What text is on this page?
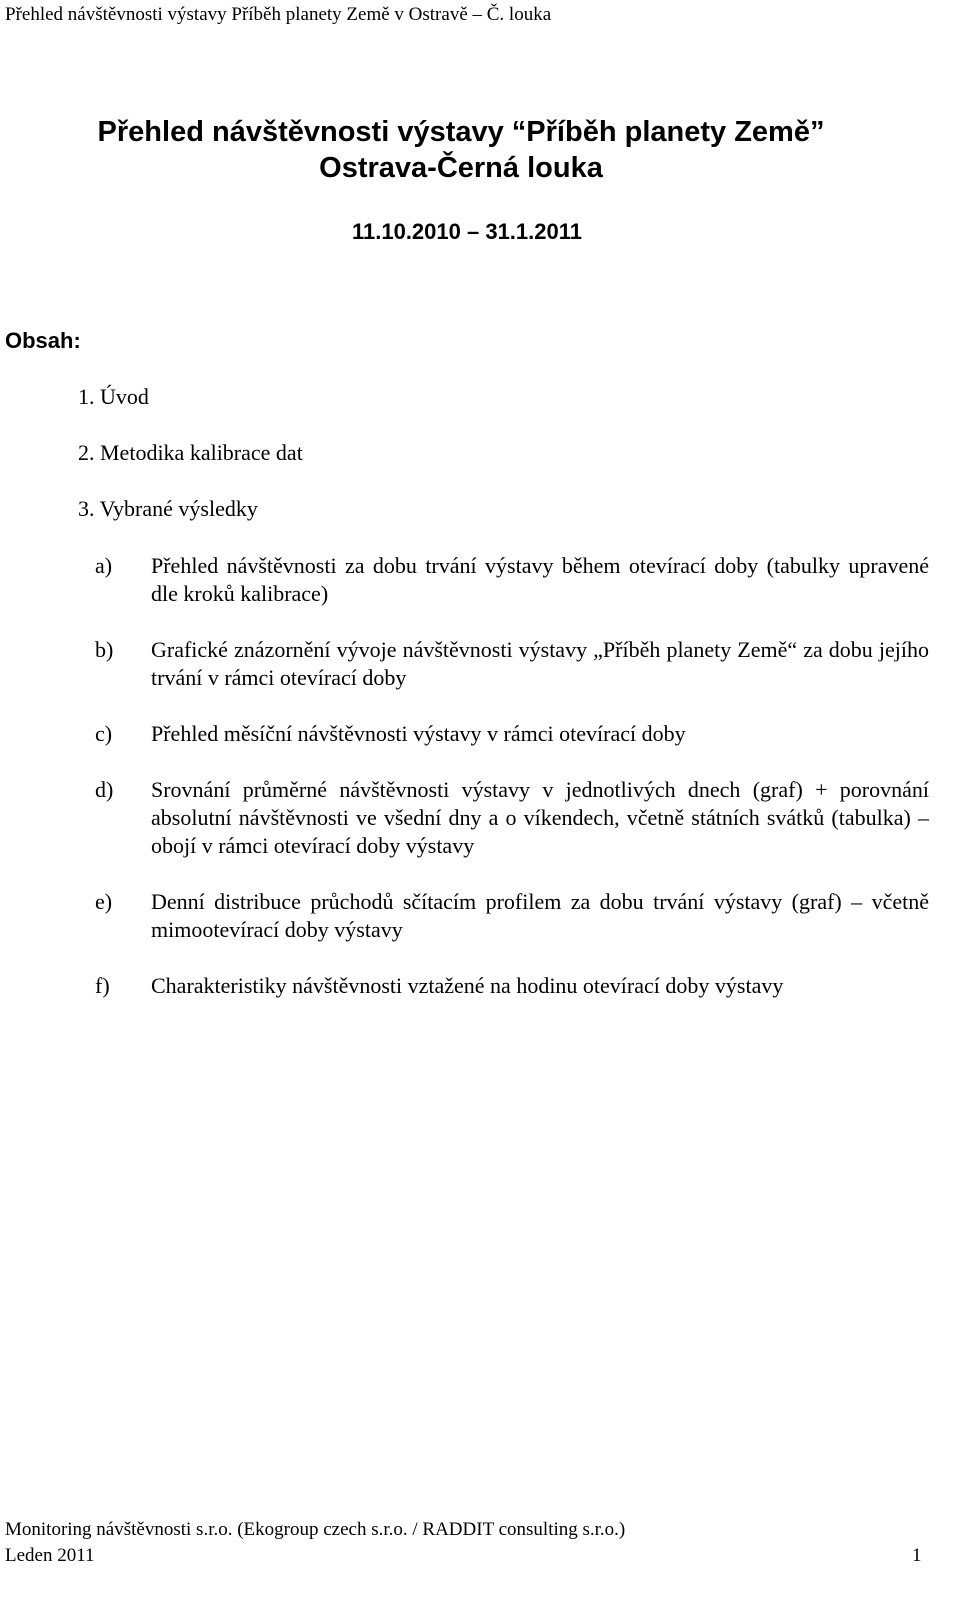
Přehled návštěvnosti výstavy Příběh planety Země v Ostravě – Č. louka
Přehled návštěvnosti výstavy “Příběh planety Země”
Ostrava-Černá louka
11.10.2010 – 31.1.2011
Obsah:
1. Úvod
2. Metodika kalibrace dat
3. Vybrané výsledky
a) Přehled návštěvnosti za dobu trvání výstavy během otevírací doby (tabulky upravené dle kroků kalibrace)
b) Grafické znázornění vývoje návštěvnosti výstavy „Příběh planety Země“ za dobu jejího trvání v rámci otevírací doby
c) Přehled měsíční návštěvnosti výstavy v rámci otevírací doby
d) Srovnání průměrné návštěvnosti výstavy v jednotlivých dnech (graf) + porovnání absolutní návštěvnosti ve všední dny a o víkendech, včetně státních svátků (tabulka) – obojí v rámci otevírací doby výstavy
e) Denní distribuce průchodů sčítacím profilem za dobu trvání výstavy (graf) – včetně mimootevírací doby výstavy
f) Charakteristiky návštěvnosti vztažené na hodinu otevírací doby výstavy
Monitoring návštěvnosti s.r.o. (Ekogroup czech s.r.o. / RADDIT consulting s.r.o.)
Leden 2011	1
